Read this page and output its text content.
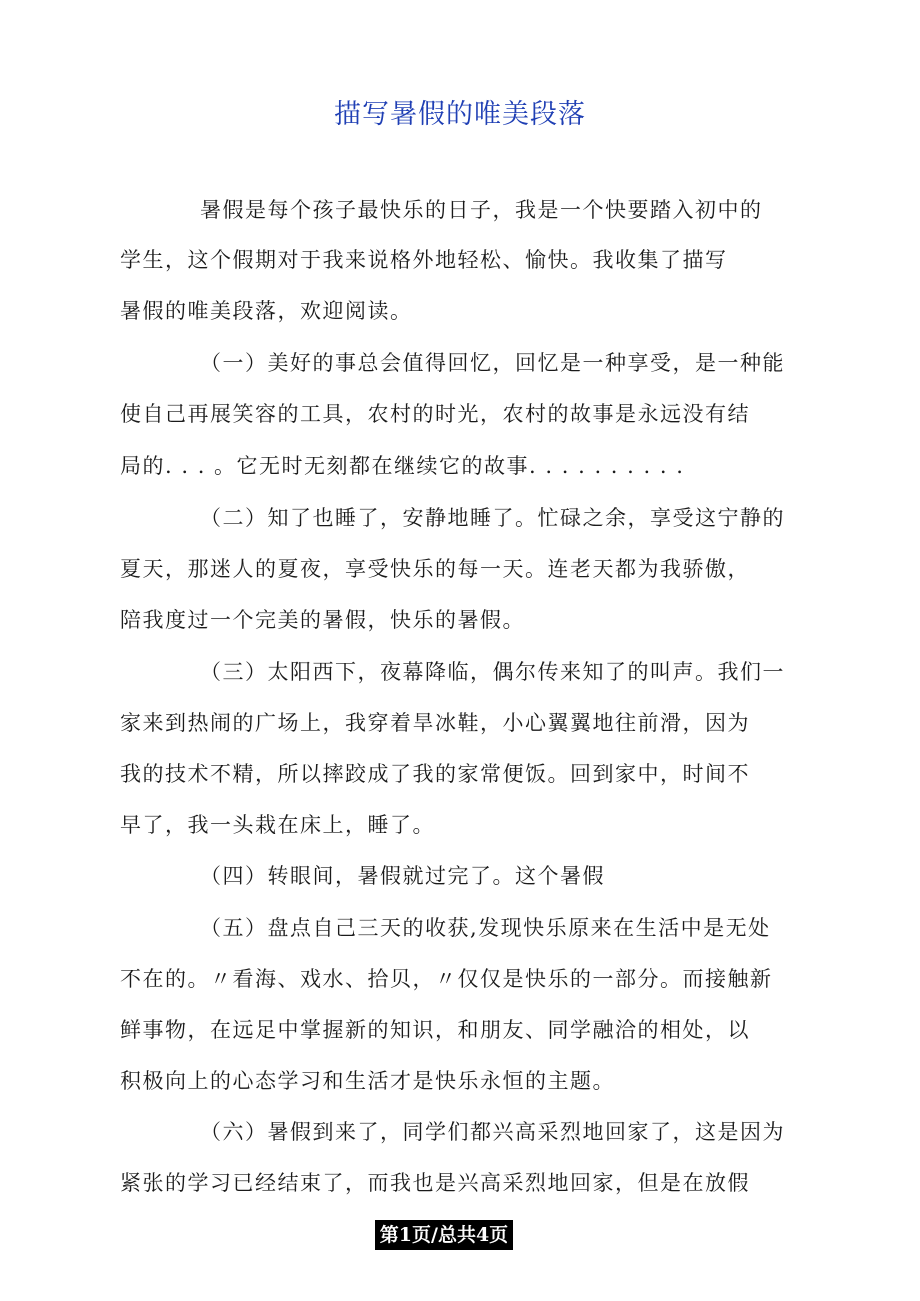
描写暑假的唯美段落
暑假是每个孩子最快乐的日子，我是一个快要踏入初中的
学生，这个假期对于我来说格外地轻松、愉快。我收集了描写
暑假的唯美段落，欢迎阅读。
（一）美好的事总会值得回忆，回忆是一种享受，是一种能
使自己再展笑容的工具，农村的时光，农村的故事是永远没有结
局的. . . 。它无时无刻都在继续它的故事. . . . . . . . . .
（二）知了也睡了，安静地睡了。忙碌之余，享受这宁静的
夏天，那迷人的夏夜，享受快乐的每一天。连老天都为我骄傲，
陪我度过一个完美的暑假，快乐的暑假。
（三）太阳西下，夜幕降临，偶尔传来知了的叫声。我们一
家来到热闹的广场上，我穿着旱冰鞋，小心翼翼地往前滑，因为
我的技术不精，所以摔跤成了我的家常便饭。回到家中，时间不
早了，我一头栽在床上，睡了。
（四）转眼间，暑假就过完了。这个暑假
（五）盘点自己三天的收获,发现快乐原来在生活中是无处
不在的。〃看海、戏水、拾贝，〃仅仅是快乐的一部分。而接触新
鲜事物，在远足中掌握新的知识，和朋友、同学融洽的相处，以
积极向上的心态学习和生活才是快乐永恒的主题。
（六）暑假到来了，同学们都兴高采烈地回家了，这是因为
紧张的学习已经结束了，而我也是兴高采烈地回家，但是在放假
第1页/总共4页
